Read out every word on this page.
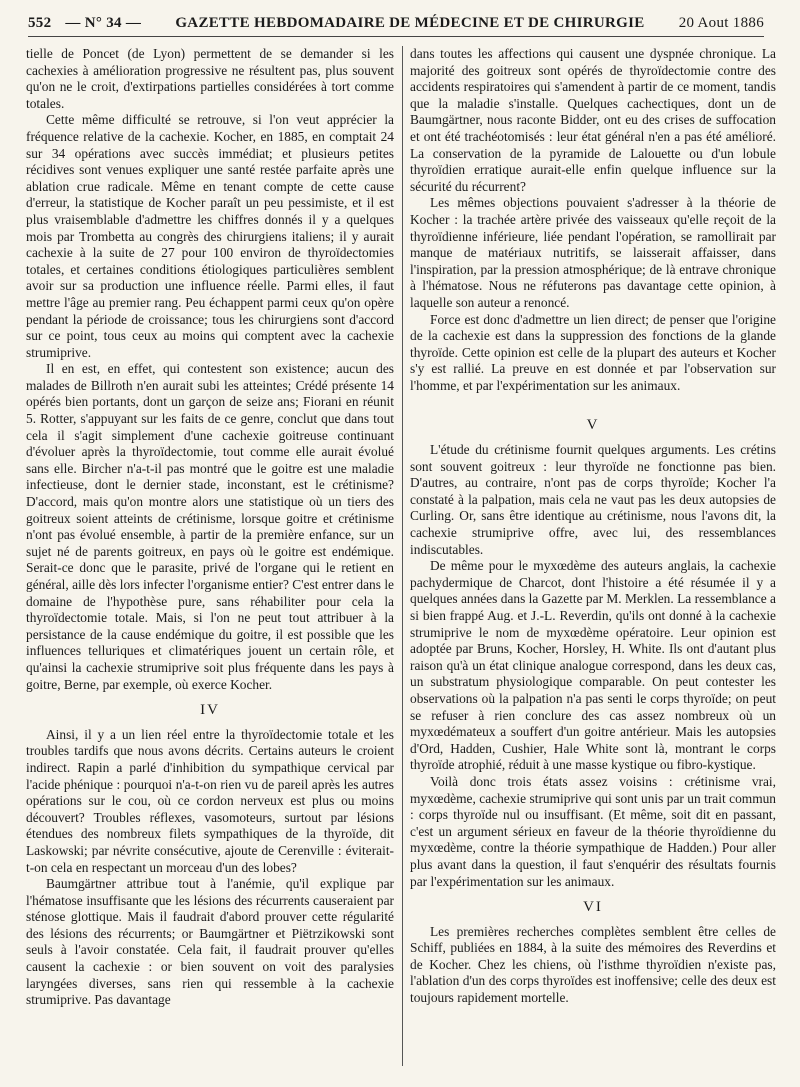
552 — N° 34 —	GAZETTE HEBDOMADAIRE DE MÉDECINE ET DE CHIRURGIE	20 Aout 1886

tielle de Poncet (de Lyon) permettent de se demander si les cachexies à amélioration progressive ne résultent pas, plus souvent qu'on ne le croit, d'extirpations partielles considérées à tort comme totales.

Cette même difficulté se retrouve, si l'on veut apprécier la fréquence relative de la cachexie. Kocher, en 1885, en comptait 24 sur 34 opérations avec succès immédiat; et plusieurs petites récidives sont venues expliquer une santé restée parfaite après une ablation crue radicale. Même en tenant compte de cette cause d'erreur, la statistique de Kocher paraît un peu pessimiste, et il est plus vraisemblable d'admettre les chiffres donnés il y a quelques mois par Trombetta au congrès des chirurgiens italiens; il y aurait cachexie à la suite de 27 pour 100 environ de thyroïdectomies totales, et certaines conditions étiologiques particulières semblent avoir sur sa production une influence réelle. Parmi elles, il faut mettre l'âge au premier rang. Peu échappent parmi ceux qu'on opère pendant la période de croissance; tous les chirurgiens sont d'accord sur ce point, tous ceux au moins qui comptent avec la cachexie strumiprive.

Il en est, en effet, qui contestent son existence; aucun des malades de Billroth n'en aurait subi les atteintes; Crédé présente 14 opérés bien portants, dont un garçon de seize ans; Fiorani en réunit 5. Rotter, s'appuyant sur les faits de ce genre, conclut que dans tout cela il s'agit simplement d'une cachexie goitreuse continuant d'évoluer après la thyroïdectomie, tout comme elle aurait évolué sans elle. Bircher n'a-t-il pas montré que le goitre est une maladie infectieuse, dont le dernier stade, inconstant, est le crétinisme? D'accord, mais qu'on montre alors une statistique où un tiers des goitreux soient atteints de crétinisme, lorsque goitre et crétinisme n'ont pas évolué ensemble, à partir de la première enfance, sur un sujet né de parents goitreux, en pays où le goitre est endémique. Serait-ce donc que le parasite, privé de l'organe qui le retient en général, aille dès lors infecter l'organisme entier? C'est entrer dans le domaine de l'hypothèse pure, sans réhabiliter pour cela la thyroïdectomie totale. Mais, si l'on ne peut tout attribuer à la persistance de la cause endémique du goitre, il est possible que les influences telluriques et climatériques jouent un certain rôle, et qu'ainsi la cachexie strumiprive soit plus fréquente dans les pays à goitre, Berne, par exemple, où exerce Kocher.

IV

Ainsi, il y a un lien réel entre la thyroïdectomie totale et les troubles tardifs que nous avons décrits. Certains auteurs le croient indirect. Rapin a parlé d'inhibition du sympathique cervical par l'acide phénique : pourquoi n'a-t-on rien vu de pareil après les autres opérations sur le cou, où ce cordon nerveux est plus ou moins découvert? Troubles réflexes, vasomoteurs, surtout par lésions étendues des nombreux filets sympathiques de la thyroïde, dit Laskowski; par névrite consécutive, ajoute de Cerenville : éviterait-t-on cela en respectant un morceau d'un des lobes?

Baumgärtner attribue tout à l'anémie, qu'il explique par l'hématose insuffisante que les lésions des récurrents causeraient par sténose glottique. Mais il faudrait d'abord prouver cette régularité des lésions des récurrents; or Baumgärtner et Piëtrzikowski sont seuls à l'avoir constatée. Cela fait, il faudrait prouver qu'elles causent la cachexie : or bien souvent on voit des paralysies laryngées diverses, sans rien qui ressemble à la cachexie strumiprive. Pas davantage

dans toutes les affections qui causent une dyspnée chronique. La majorité des goitreux sont opérés de thyroïdectomie contre des accidents respiratoires qui s'amendent à partir de ce moment, tandis que la maladie s'installe. Quelques cachectiques, dont un de Baumgärtner, nous raconte Bidder, ont eu des crises de suffocation et ont été trachéotomisés : leur état général n'en a pas été amélioré. La conservation de la pyramide de Lalouette ou d'un lobule thyroïdien erratique aurait-elle enfin quelque influence sur la sécurité du récurrent?

Les mêmes objections pouvaient s'adresser à la théorie de Kocher : la trachée artère privée des vaisseaux qu'elle reçoit de la thyroïdienne inférieure, liée pendant l'opération, se ramollirait par manque de matériaux nutritifs, se laisserait affaisser, dans l'inspiration, par la pression atmosphérique; de là entrave chronique à l'hématose. Nous ne réfuterons pas davantage cette opinion, à laquelle son auteur a renoncé.

Force est donc d'admettre un lien direct; de penser que l'origine de la cachexie est dans la suppression des fonctions de la glande thyroïde. Cette opinion est celle de la plupart des auteurs et Kocher s'y est rallié. La preuve en est donnée et par l'observation sur l'homme, et par l'expérimentation sur les animaux.

V

L'étude du crétinisme fournit quelques arguments. Les crétins sont souvent goitreux : leur thyroïde ne fonctionne pas bien. D'autres, au contraire, n'ont pas de corps thyroïde; Kocher l'a constaté à la palpation, mais cela ne vaut pas les deux autopsies de Curling. Or, sans être identique au crétinisme, nous l'avons dit, la cachexie strumiprive offre, avec lui, des ressemblances indiscutables.

De même pour le myxœdème des auteurs anglais, la cachexie pachydermique de Charcot, dont l'histoire a été résumée il y a quelques années dans la Gazette par M. Merklen. La ressemblance a si bien frappé Aug. et J.-L. Reverdin, qu'ils ont donné à la cachexie strumiprive le nom de myxœdème opératoire. Leur opinion est adoptée par Bruns, Kocher, Horsley, H. White. Ils ont d'autant plus raison qu'à un état clinique analogue correspond, dans les deux cas, un substratum physiologique comparable. On peut contester les observations où la palpation n'a pas senti le corps thyroïde; on peut se refuser à rien conclure des cas assez nombreux où un myxœdémateux a souffert d'un goitre antérieur. Mais les autopsies d'Ord, Hadden, Cushier, Hale White sont là, montrant le corps thyroïde atrophié, réduit à une masse kystique ou fibro-kystique.

Voilà donc trois états assez voisins : crétinisme vrai, myxœdème, cachexie strumiprive qui sont unis par un trait commun : corps thyroïde nul ou insuffisant. (Et même, soit dit en passant, c'est un argument sérieux en faveur de la théorie thyroïdienne du myxœdème, contre la théorie sympathique de Hadden.) Pour aller plus avant dans la question, il faut s'enquérir des résultats fournis par l'expérimentation sur les animaux.

VI

Les premières recherches complètes semblent être celles de Schiff, publiées en 1884, à la suite des mémoires des Reverdins et de Kocher. Chez les chiens, où l'isthme thyroïdien n'existe pas, l'ablation d'un des corps thyroïdes est inoffensive; celle des deux est toujours rapidement mortelle.
